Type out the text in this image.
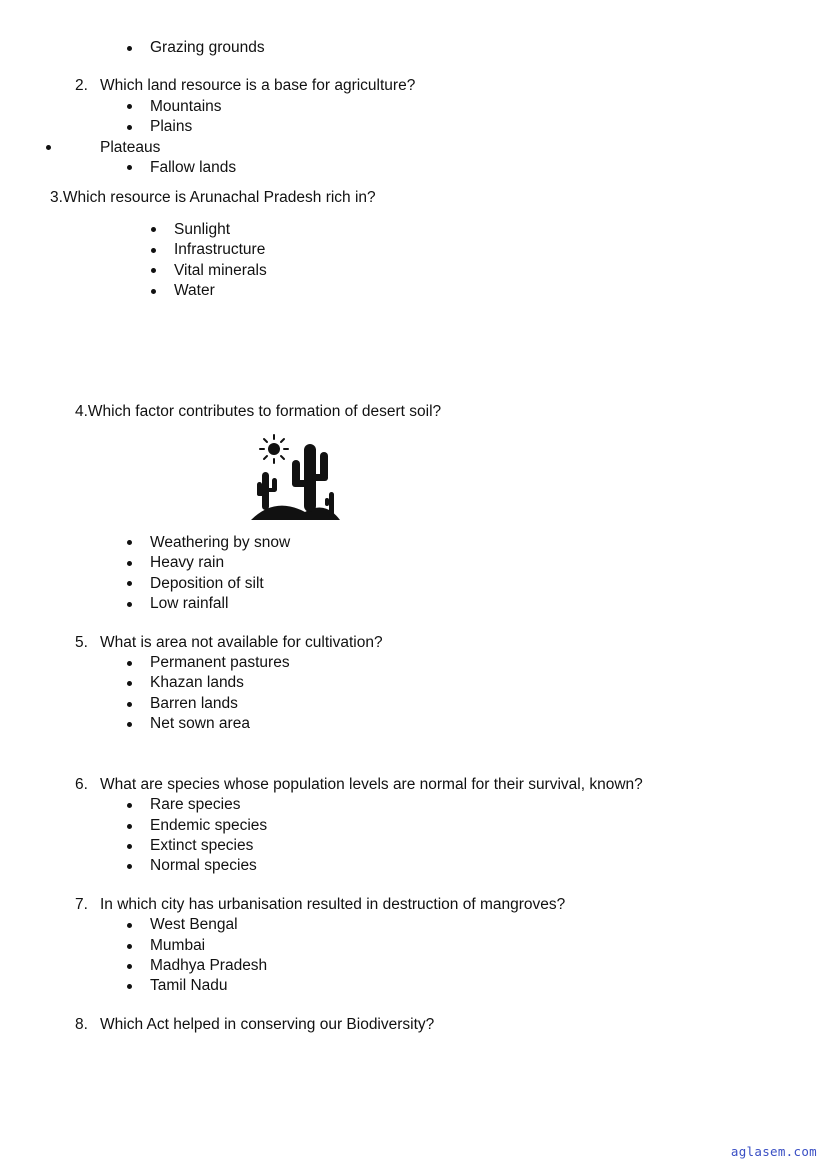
Grazing grounds
2. Which land resource is a base for agriculture?
Mountains
Plains
Plateaus
Fallow lands
3.Which resource is Arunachal Pradesh rich in?
Sunlight
Infrastructure
Vital minerals
Water
4.Which factor contributes to formation of desert soil?
Weathering by snow
Heavy rain
Deposition of silt
Low rainfall
5. What is area not available for cultivation?
Permanent pastures
Khazan lands
Barren lands
Net sown area
6. What are species whose population levels are normal for their survival, known?
Rare species
Endemic species
Extinct species
Normal species
7. In which city has urbanisation resulted in destruction of mangroves?
West Bengal
Mumbai
Madhya Pradesh
Tamil Nadu
8. Which Act helped in conserving our Biodiversity?
aglasem.com
